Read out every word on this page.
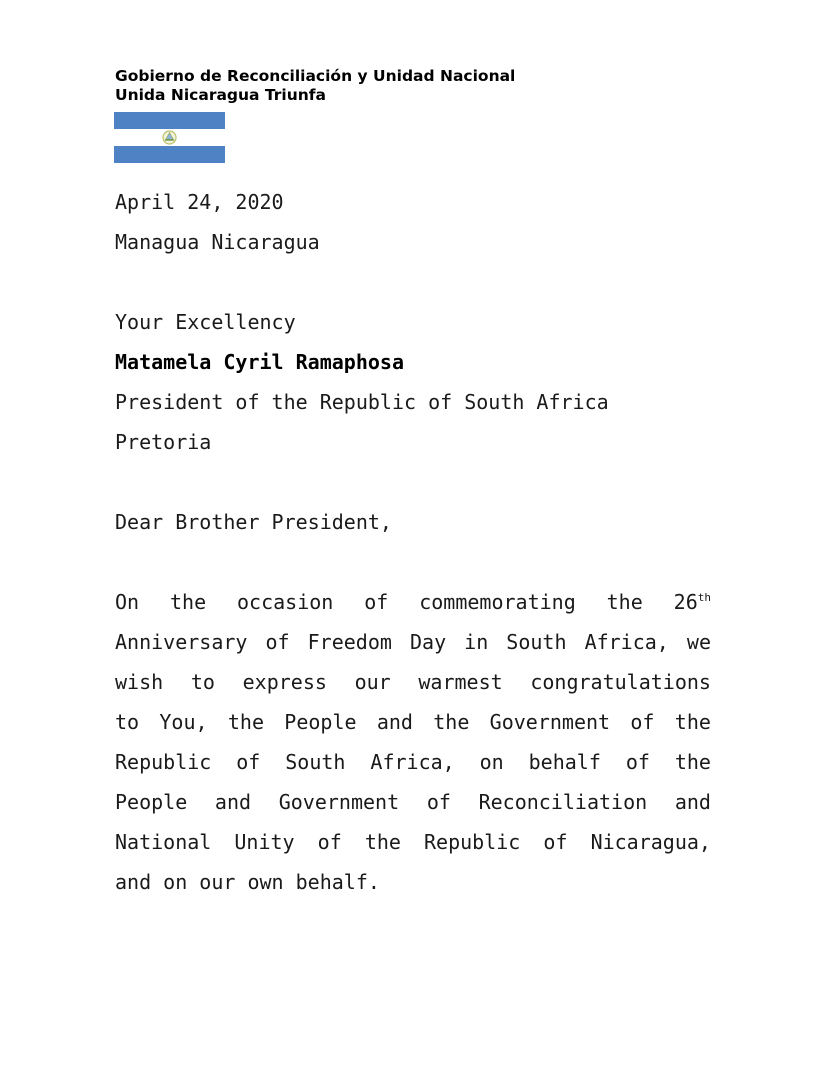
Gobierno de Reconciliación y Unidad Nacional
Unida Nicaragua Triunfa
April 24, 2020
Managua Nicaragua
Your Excellency
Matamela Cyril Ramaphosa
President of the Republic of South Africa
Pretoria
Dear Brother President,
On the occasion of commemorating the 26th
Anniversary of Freedom Day in South Africa, we
wish to express our warmest congratulations
to You, the People and the Government of the
Republic of South Africa, on behalf of the
People and Government of Reconciliation and
National Unity of the Republic of Nicaragua,
and on our own behalf.
